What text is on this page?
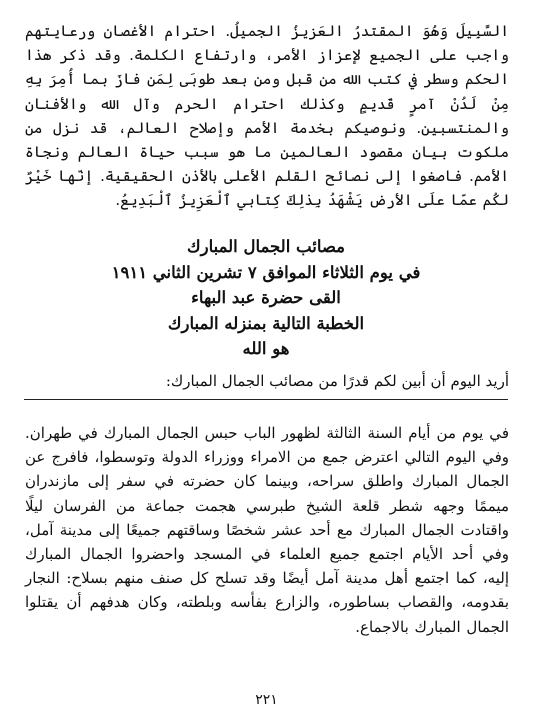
السَّبِيلَ وَهُوَ المقتدرُ العَزيزُ الجميلُ. احترام الأغصان ورعايتهم واجب على الجميع لإعزاز الأمر، وارتفاع الكلمة. وقد ذكر هذا الحكم وسطر في كتب الله من قبل ومن بعد طوبَى لِمَن فازَ بما أُمِرَ بِهِ مِنْ لَدُنْ آمرٍ قَديمٍ وكذلك احترام الحرم وآل الله والأفنان والمنتسبين. ونوصيكم بخدمة الأمم وإصلاح العالم، قد نزل من ملكوت بيان مقصود العالمين ما هو سبب حياة العالم ونجاة الأمم. فاصغوا إلى نصائح القلم الأعلى بالأذن الحقيقية. إنّها خَيْرٌ لكُم عمّا علَى الأرض يَشْهَدُ بِذلِكَ كِتابي ٱلْعَزِيزُ ٱلْبَدِيعُ.

مصائب الجمال المبارك
في يوم الثلاثاء الموافق ٧ تشرين الثاني ١٩١١
القى حضرة عبد البهاء
الخطبة التالية بمنزله المبارك
هو الله
أريد اليوم أن أبين لكم قدرًا من مصائب الجمال المبارك:

في يوم من أيام السنة الثالثة لظهور الباب حبس الجمال المبارك في طهران. وفي اليوم التالي اعترض جمع من الامراء ووزراء الدولة وتوسطوا، فافرج عن الجمال المبارك واطلق سراحه، وبينما كان حضرته في سفر إلى مازندران ميممًا وجهه شطر قلعة الشيخ طبرسي هجمت جماعة من الفرسان ليلًا واقتادت الجمال المبارك مع أحد عشر شخصًا وساقتهم جميعًا إلى مدينة آمل، وفي أحد الأيام اجتمع جميع العلماء في المسجد واحضروا الجمال المبارك إليه، كما اجتمع أهل مدينة آمل أيضًا وقد تسلح كل صنف منهم بسلاح: النجار بقدومه، والقصاب بساطوره، والزارع بفأسه وبلطته، وكان هدفهم أن يقتلوا الجمال المبارك بالاجماع.

٢٢١
